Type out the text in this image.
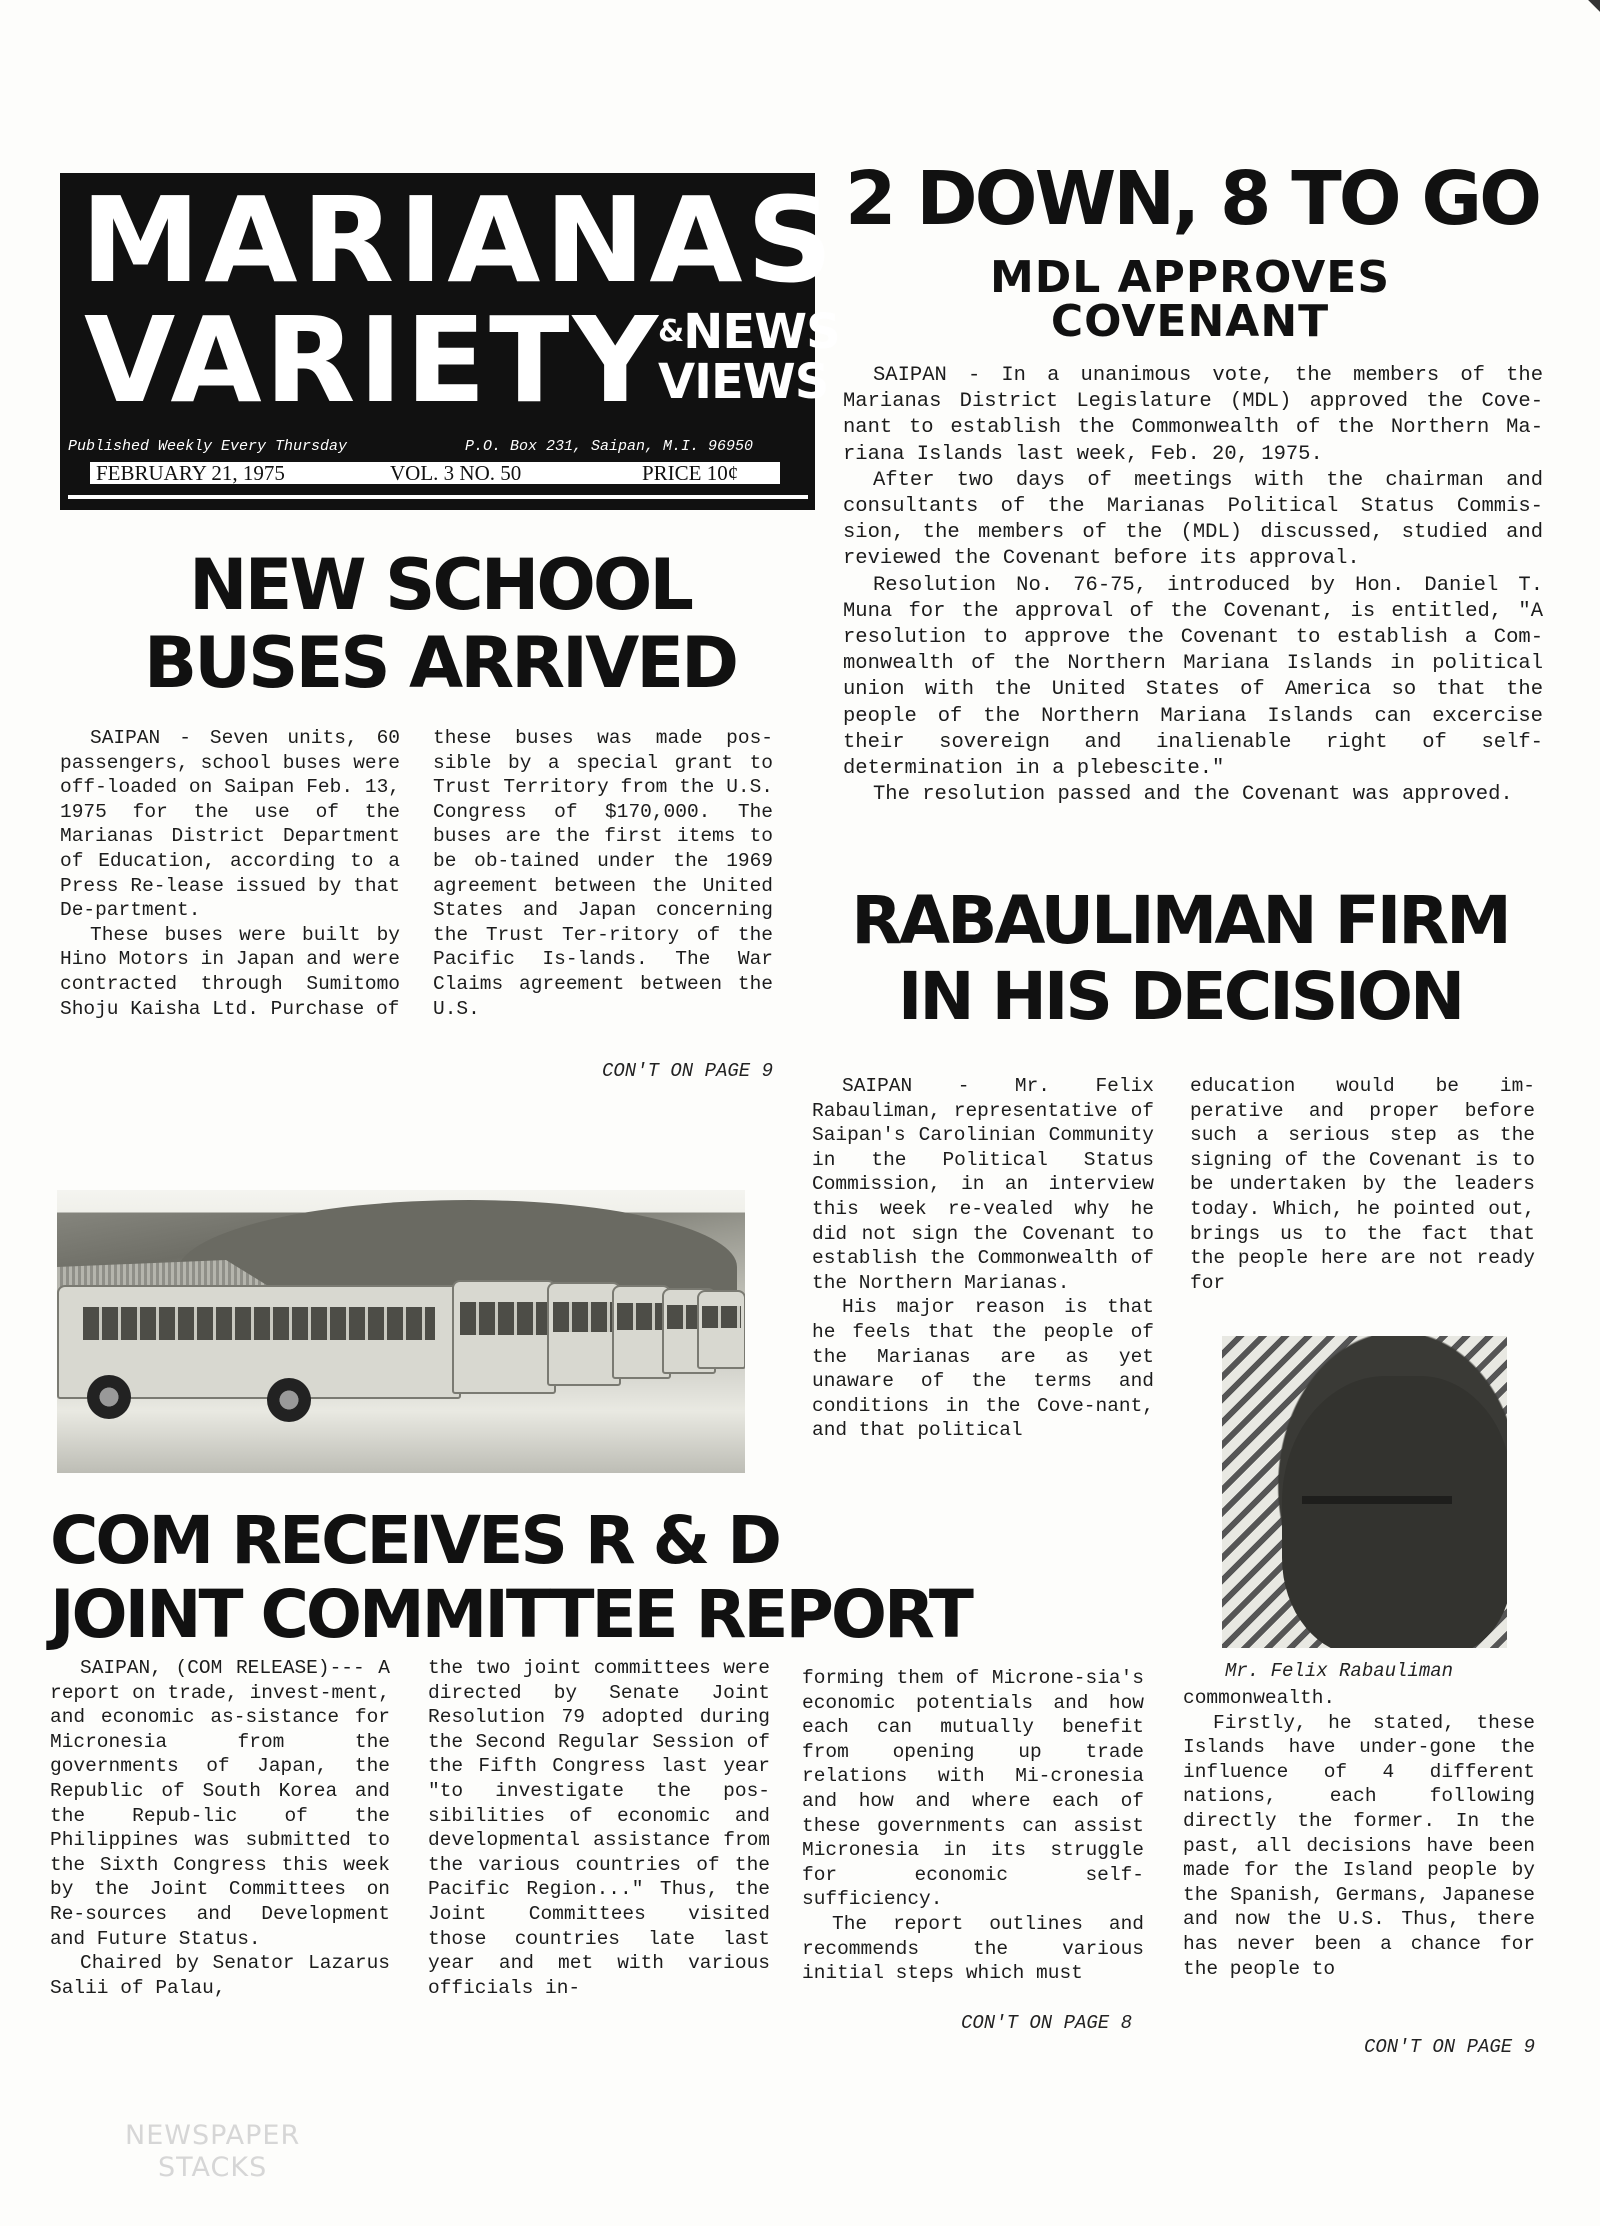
MARIANAS
VARIETY
&NEWS
VIEWS
Published Weekly Every Thursday	P.O. Box 231, Saipan, M.I. 96950
FEBRUARY 21, 1975	VOL. 3 NO. 50	PRICE 10¢
2 DOWN, 8 TO GO
MDL APPROVES
COVENANT

SAIPAN - In a unanimous vote, the members of the Marianas District Legislature (MDL) approved the Cove-nant to establish the Commonwealth of the Northern Ma-riana Islands last week, Feb. 20, 1975.

After two days of meetings with the chairman and consultants of the Marianas Political Status Commis-sion, the members of the (MDL) discussed, studied and reviewed the Covenant before its approval.

Resolution No. 76-75, introduced by Hon. Daniel T. Muna for the approval of the Covenant, is entitled, "A resolution to approve the Covenant to establish a Com-monwealth of the Northern Mariana Islands in political union with the United States of America so that the people of the Northern Mariana Islands can excercise their sovereign and inalienable right of self-determination in a plebescite."

The resolution passed and the Covenant was approved.

NEW SCHOOL
BUSES ARRIVED

SAIPAN - Seven units, 60 passengers, school buses were off-loaded on Saipan Feb. 13, 1975 for the use of the Marianas District Department of Education, according to a Press Re-lease issued by that De-partment.

These buses were built by Hino Motors in Japan and were contracted through Sumitomo Shoju Kaisha Ltd. Purchase of

these buses was made pos-sible by a special grant to Trust Territory from the U.S. Congress of $170,000. The buses are the first items to be ob-tained under the 1969 agreement between the United States and Japan concerning the Trust Ter-ritory of the Pacific Is-lands. The War Claims agreement between the U.S.

CON'T ON PAGE 9
RABAULIMAN FIRM
IN HIS DECISION

SAIPAN - Mr. Felix Rabauliman, representative of Saipan's Carolinian Community in the Political Status Commission, in an interview this week re-vealed why he did not sign the Covenant to establish the Commonwealth of the Northern Marianas.

His major reason is that he feels that the people of the Marianas are as yet unaware of the terms and conditions in the Cove-nant, and that political

education would be im-perative and proper before such a serious step as the signing of the Covenant is to be undertaken by the leaders today. Which, he pointed out, brings us to the fact that the people here are not ready for

Mr. Felix Rabauliman

commonwealth.

Firstly, he stated, these Islands have under-gone the influence of 4 different nations, each following directly the former. In the past, all decisions have been made for the Island people by the Spanish, Germans, Japanese and now the U.S. Thus, there has never been a chance for the people to

CON'T ON PAGE 9
COM RECEIVES R & D
JOINT COMMITTEE REPORT

SAIPAN, (COM RELEASE)--- A report on trade, invest-ment, and economic as-sistance for Micronesia from the governments of Japan, the Republic of South Korea and the Repub-lic of the Philippines was submitted to the Sixth Congress this week by the Joint Committees on Re-sources and Development and Future Status.

Chaired by Senator Lazarus Salii of Palau,

the two joint committees were directed by Senate Joint Resolution 79 adopted during the Second Regular Session of the Fifth Congress last year "to investigate the pos-sibilities of economic and developmental assistance from the various countries of the Pacific Region..." Thus, the Joint Committees visited those countries late last year and met with various officials in-

forming them of Microne-sia's economic potentials and how each can mutually benefit from opening up trade relations with Mi-cronesia and how and where each of these governments can assist Micronesia in its struggle for economic self-sufficiency.

The report outlines and recommends the various initial steps which must

CON'T ON PAGE 8
NEWSPAPER
STACKS
